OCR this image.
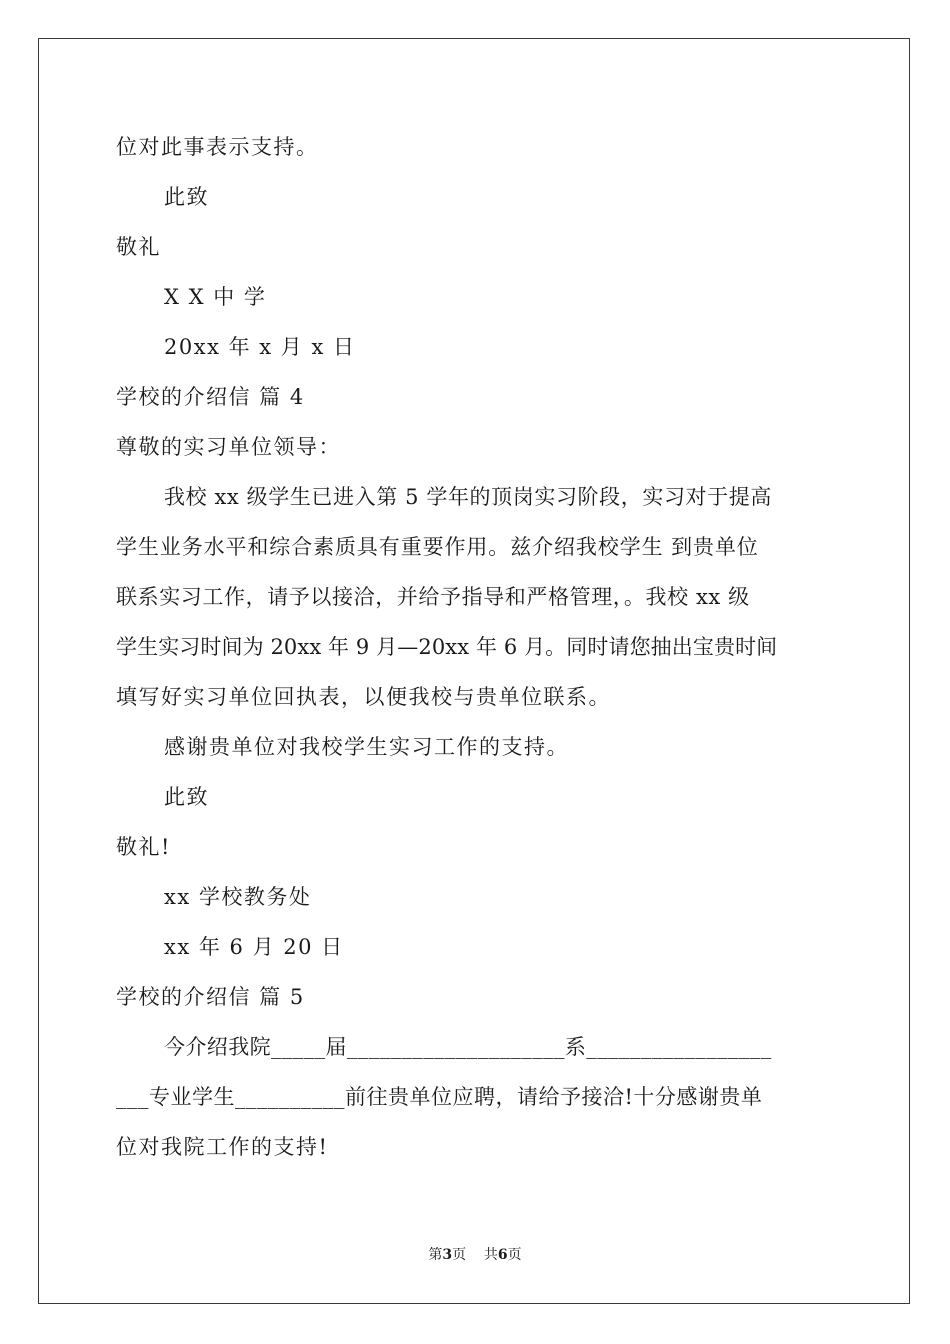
位对此事表示支持。
此致
敬礼
X X 中 学
20xx 年 x 月 x 日
学校的介绍信 篇 4
尊敬的实习单位领导：
我校 xx 级学生已进入第 5 学年的顶岗实习阶段，实习对于提高
学生业务水平和综合素质具有重要作用。兹介绍我校学生 到贵单位
联系实习工作，请予以接洽，并给予指导和严格管理，。我校 xx 级
学生实习时间为 20xx 年 9 月—20xx 年 6 月。同时请您抽出宝贵时间
填写好实习单位回执表，以便我校与贵单位联系。
感谢贵单位对我校学生实习工作的支持。
此致
敬礼!
xx 学校教务处
xx 年 6 月 20 日
学校的介绍信 篇 5
今介绍我院_____届____________________系_________________
___专业学生__________前往贵单位应聘，请给予接洽!十分感谢贵单
位对我院工作的支持!
第3页 共6页
